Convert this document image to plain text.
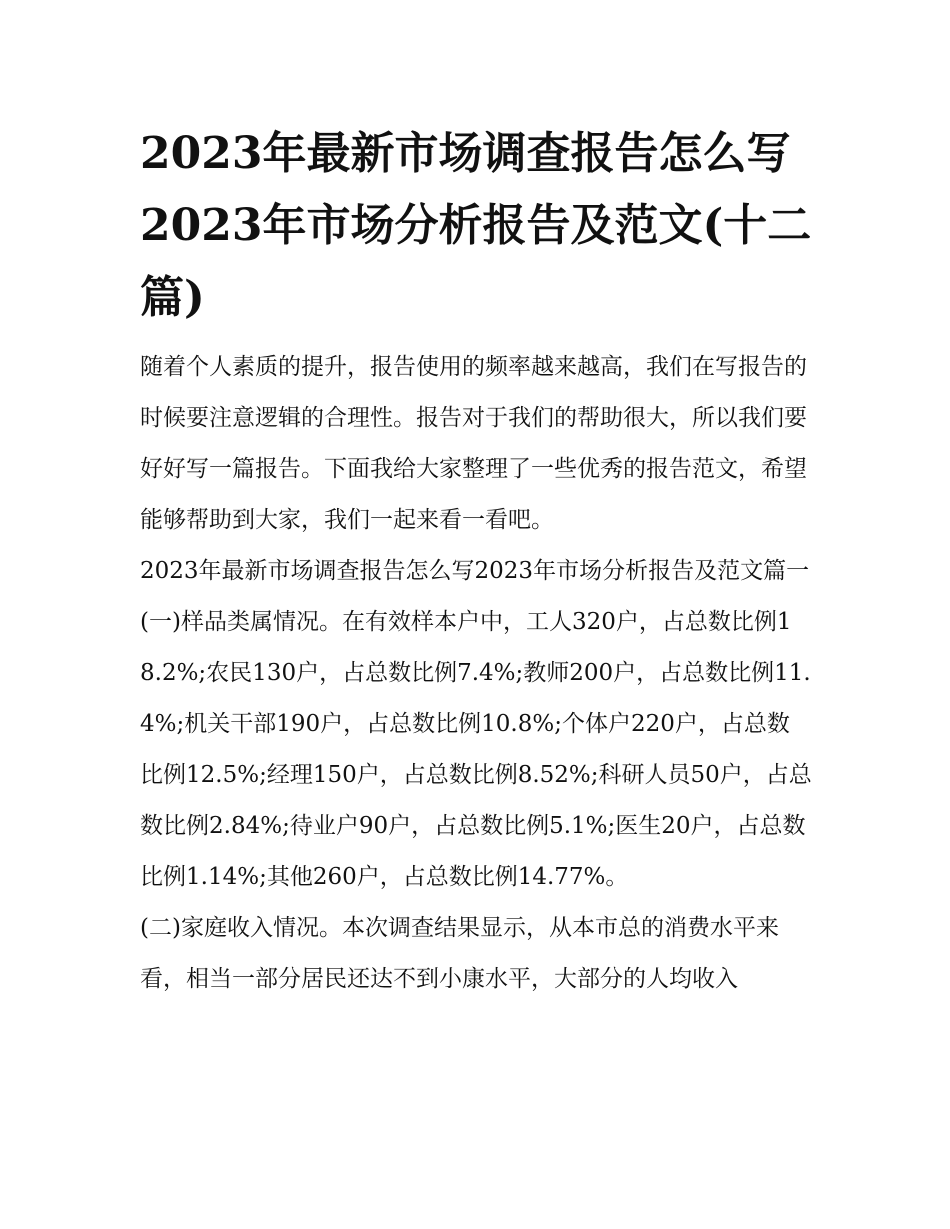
2023年最新市场调查报告怎么写2023年市场分析报告及范文(十二篇)

随着个人素质的提升，报告使用的频率越来越高，我们在写报告的时候要注意逻辑的合理性。报告对于我们的帮助很大，所以我们要好好写一篇报告。下面我给大家整理了一些优秀的报告范文，希望能够帮助到大家，我们一起来看一看吧。

2023年最新市场调查报告怎么写2023年市场分析报告及范文篇一

(一)样品类属情况。在有效样本户中，工人320户，占总数比例18.2%;农民130户，占总数比例7.4%;教师200户，占总数比例11.4%;机关干部190户，占总数比例10.8%;个体户220户，占总数比例12.5%;经理150户，占总数比例8.52%;科研人员50户，占总数比例2.84%;待业户90户，占总数比例5.1%;医生20户，占总数比例1.14%;其他260户，占总数比例14.77%。

(二)家庭收入情况。本次调查结果显示，从本市总的消费水平来看，相当一部分居民还达不到小康水平，大部分的人均收入
